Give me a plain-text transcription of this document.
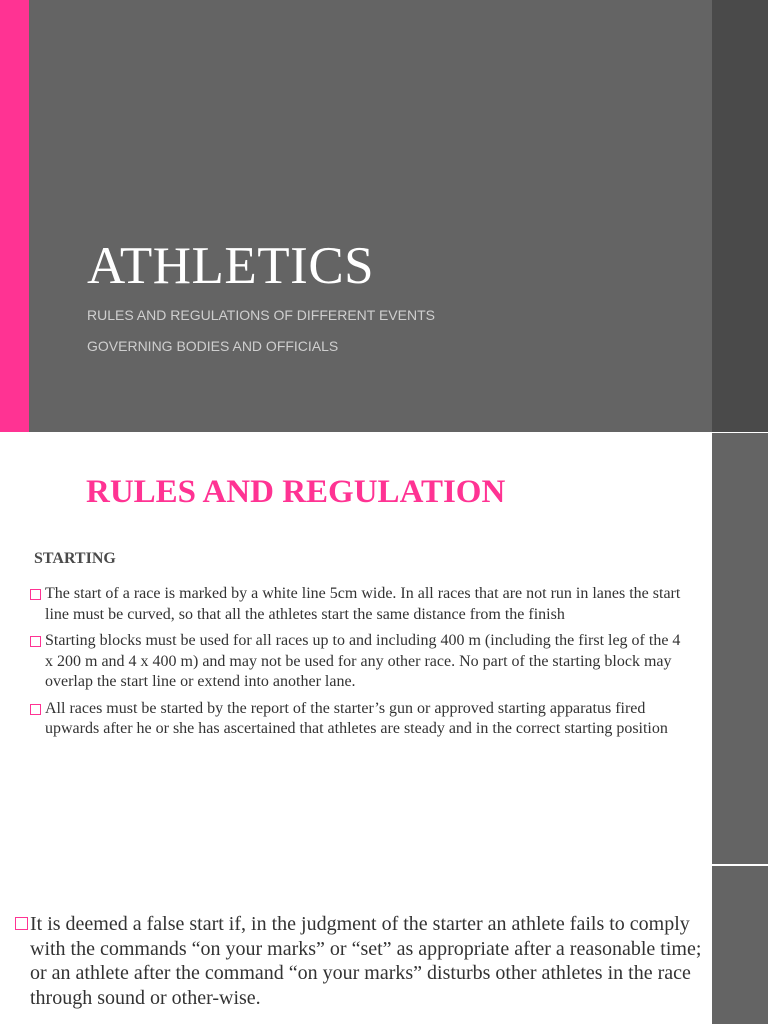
ATHLETICS
RULES AND REGULATIONS OF DIFFERENT EVENTS
GOVERNING BODIES AND OFFICIALS
RULES AND REGULATION
STARTING
The start of a race is marked by a white line 5cm wide. In all races that are not run in lanes the start line must be curved, so that all the athletes start the same distance from the finish
Starting blocks must be used for all races up to and including 400 m (including the first leg of the 4 x 200 m and 4 x 400 m) and may not be used for any other race. No part of the starting block may overlap the start line or extend into another lane.
All races must be started by the report of the starter’s gun or approved starting apparatus fired upwards after he or she has ascertained that athletes are steady and in the correct starting position
It is deemed a false start if, in the judgment of the starter an athlete fails to comply with the commands “on your marks” or “set” as appropriate after a reasonable time; or an athlete after the command “on your marks” disturbs other athletes in the race through sound or other-wise.
